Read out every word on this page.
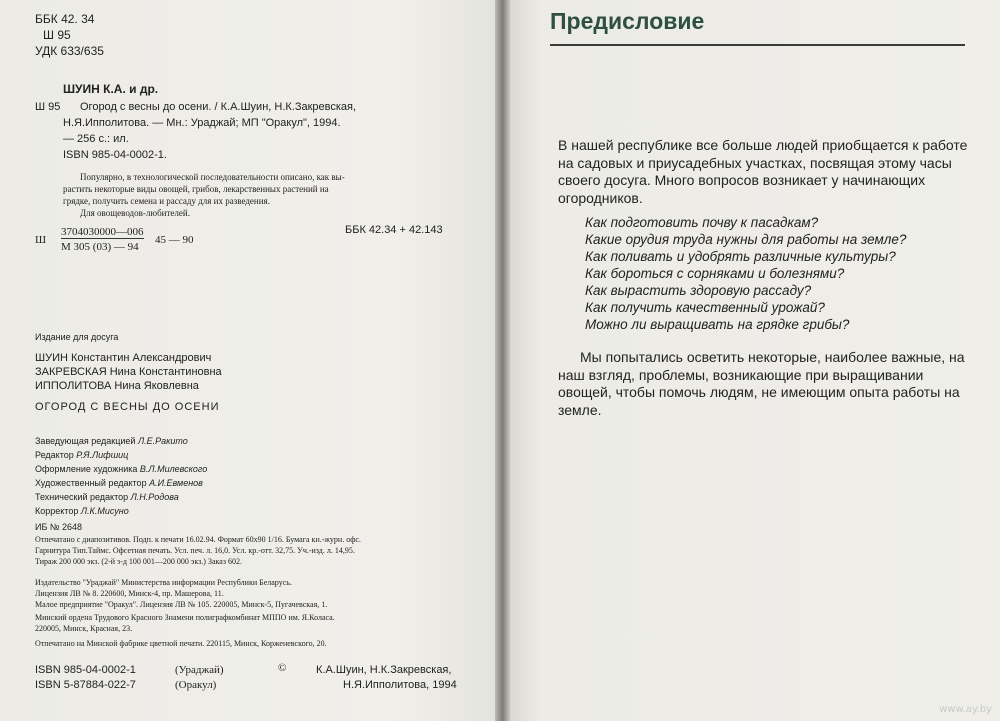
ББК 42. 34

Ш 95

УДК 633/635

ШУИН К.А. и др.

Ш 95 Огород с весны до осени. / К.А.Шуин, Н.К.Закревская,

Н.Я.Ипполитова. — Мн.: Ураджай; МП "Оракул", 1994.

— 256 с.: ил.

ISBN 985-04-0002-1.

Популярно, в технологической последовательности описано, как вы-

растить некоторые виды овощей, грибов, лекарственных растений на

грядке, получить семена и рассаду для их разведения.

Для овощеводов-любителей.

Ш

3704030000—006

М 305 (03) — 94

45 — 90

ББК 42.34 + 42.143

Издание для досуга

ШУИН Константин Александрович

ЗАКРЕВСКАЯ Нина Константиновна

ИППОЛИТОВА Нина Яковлевна

ОГОРОД С ВЕСНЫ ДО ОСЕНИ

Заведующая редакцией Л.Е.Ракито

Редактор Р.Я.Лифшиц

Оформление художника В.Л.Милевского

Художественный редактор А.И.Евменов

Технический редактор Л.Н.Родова

Корректор Л.К.Мисуно

ИБ № 2648

Отпечатано с диапозитивов. Подп. к печати 16.02.94. Формат 60х90 1/16. Бумага кн.-журн. офс.

Гарнитура Тип.Таймс. Офсетная печать. Усл. печ. л. 16,0. Усл. кр.-отт. 32,75. Уч.-изд. л. 14,95.

Тираж 200 000 экз. (2-й з-д 100 001—200 000 экз.) Заказ 602.

Издательство "Ураджай" Министерства информации Республики Беларусь.

Лицензия ЛВ № 8. 220600, Минск-4, пр. Машерова, 11.

Малое предприятие "Оракул". Лицензия ЛВ № 105. 220005, Минск-5, Пугачевская, 1.

Минский ордена Трудового Красного Знамени полиграфкомбинат МППО им. Я.Коласа.

220005, Минск, Красная, 23.

Отпечатано на Минской фабрике цветной печати. 220115, Минск, Корженевского, 20.

ISBN 985-04-0002-1

ISBN 5-87884-022-7

(Ураджай)

(Оракул)

©	К.А.Шуин, Н.К.Закревская,

Н.Я.Ипполитова, 1994

Предисловие

В нашей республике все больше людей приобщается к работе на садовых и приусадебных участках, посвящая этому часы своего досуга. Много вопросов возникает у начинающих огородников.

Как подготовить почву к пасадкам?

Какие орудия труда нужны для работы на земле?

Как поливать и удобрять различные культуры?

Как бороться с сорняками и болезнями?

Как вырастить здоровую рассаду?

Как получить качественный урожай?

Можно ли выращивать на грядке грибы?

Мы попытались осветить некоторые, наиболее важные, на наш взгляд, проблемы, возникающие при выращивании овощей, чтобы помочь людям, не имеющим опыта работы на земле.

www.ay.by
